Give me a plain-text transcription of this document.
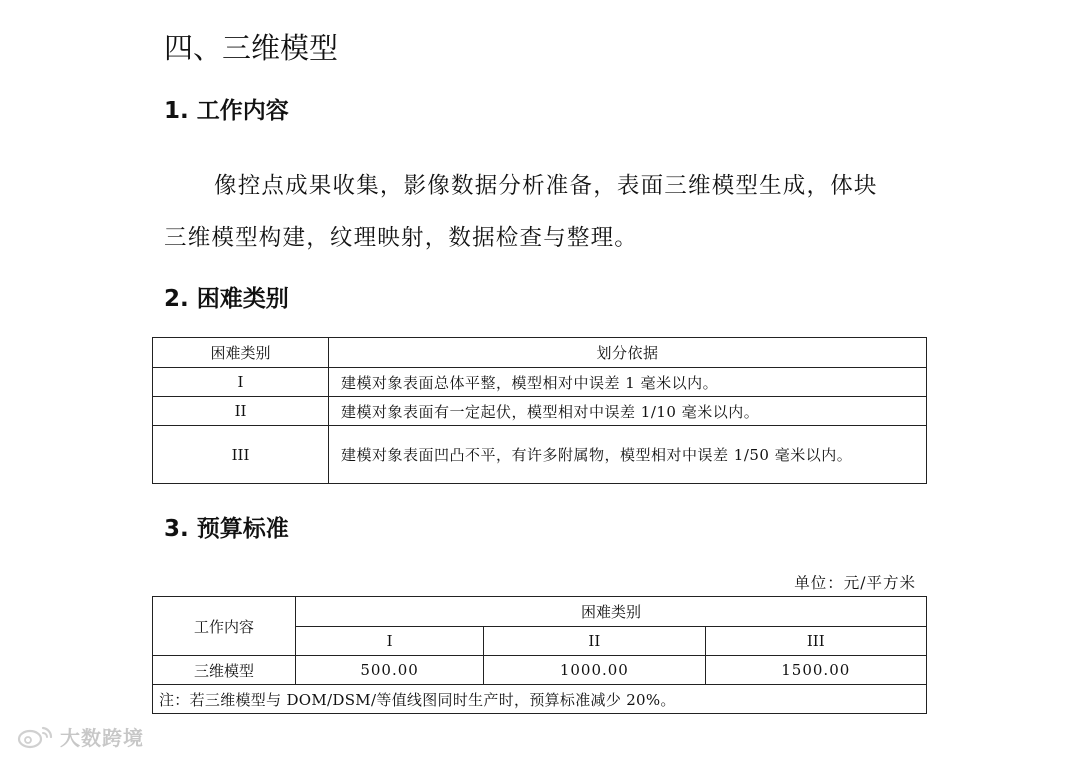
四、三维模型
1. 工作内容
像控点成果收集，影像数据分析准备，表面三维模型生成，体块
三维模型构建，纹理映射，数据检查与整理。
2. 困难类别
困难类别	划分依据
I	建模对象表面总体平整，模型相对中误差 1 毫米以内。
II	建模对象表面有一定起伏，模型相对中误差 1/10 毫米以内。
III	建模对象表面凹凸不平，有许多附属物，模型相对中误差 1/50 毫米以内。
3. 预算标准
单位：元/平方米
工作内容	困难类别		
	I	II	III
三维模型	500.00	1000.00	1500.00
注：若三维模型与 DOM/DSM/等值线图同时生产时，预算标准减少 20%。			
大数跨境
